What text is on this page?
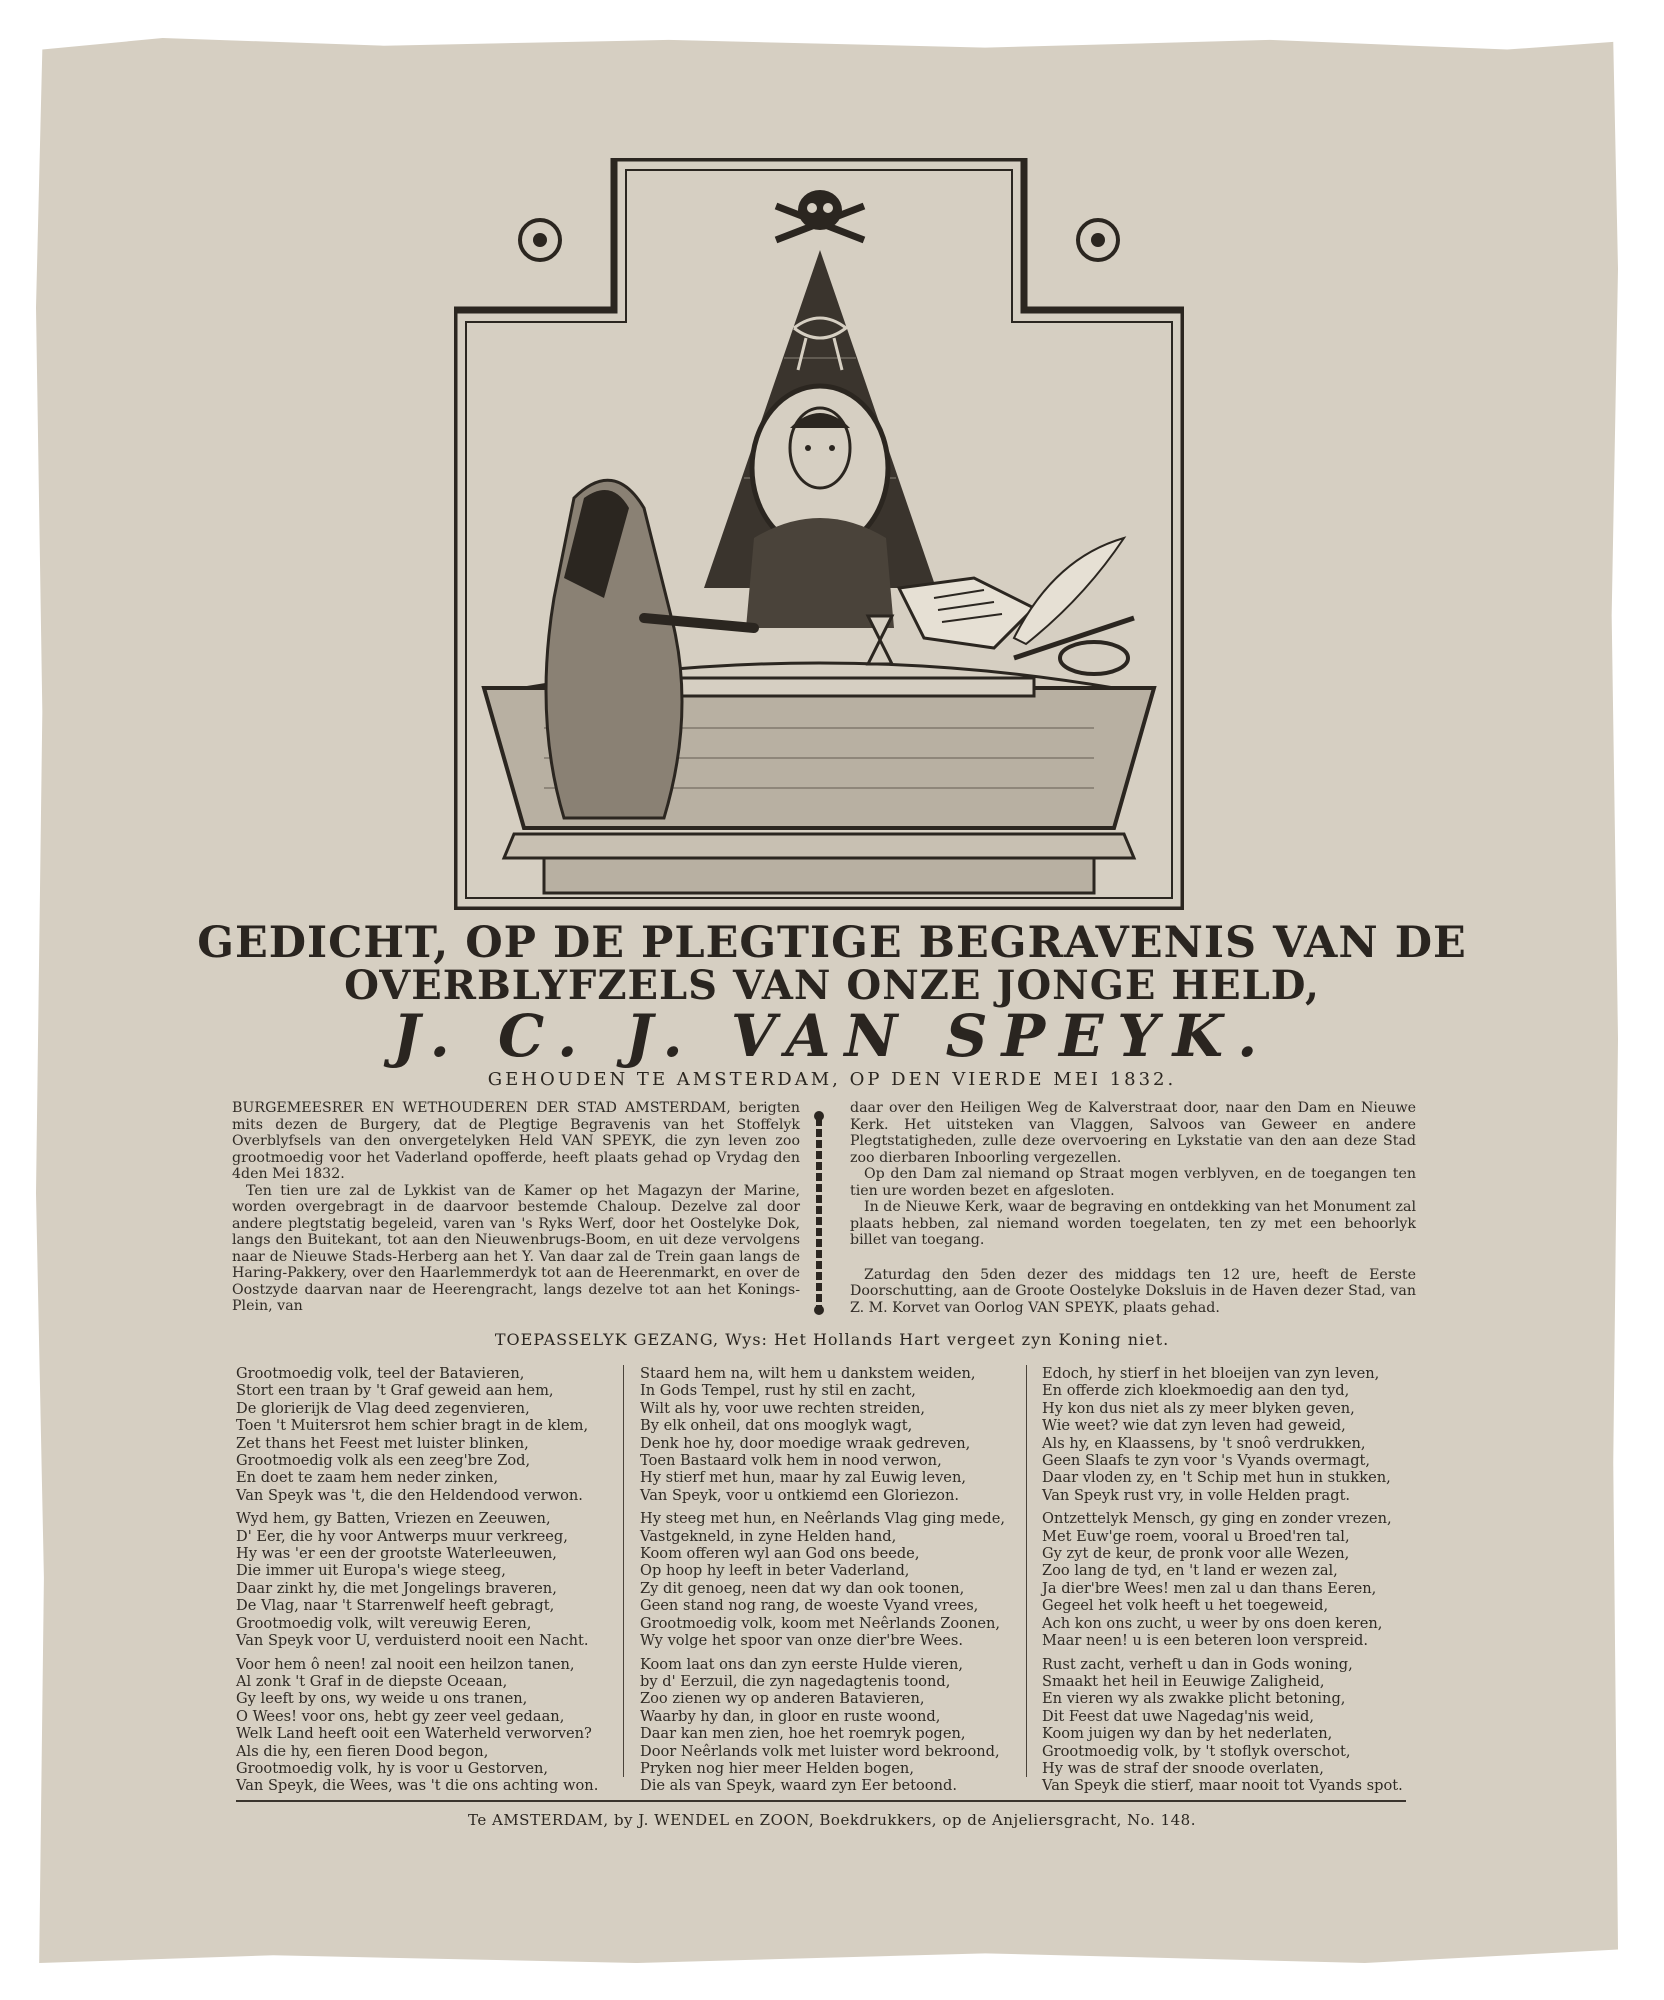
GEDICHT, OP DE PLEGTIGE BEGRAVENIS VAN DE
OVERBLYFZELS VAN ONZE JONGE HELD,
J. C. J. VAN SPEYK.
GEHOUDEN TE AMSTERDAM, OP DEN VIERDE MEI 1832.

BURGEMEESRER EN WETHOUDEREN DER STAD AMSTERDAM, berigten mits dezen de Burgery, dat de Plegtige Begravenis van het Stoffelyk Overblyfsels van den onvergetelyken Held VAN SPEYK, die zyn leven zoo grootmoedig voor het Vaderland opofferde, heeft plaats gehad op Vrydag den 4den Mei 1832.

Ten tien ure zal de Lykkist van de Kamer op het Magazyn der Marine, worden overgebragt in de daarvoor bestemde Chaloup. Dezelve zal door andere plegtstatig begeleid, varen van 's Ryks Werf, door het Oostelyke Dok, langs den Buitekant, tot aan den Nieuwenbrugs-Boom, en uit deze vervolgens naar de Nieuwe Stads-Herberg aan het Y. Van daar zal de Trein gaan langs de Haring-Pakkery, over den Haarlemmerdyk tot aan de Heerenmarkt, en over de Oostzyde daarvan naar de Heerengracht, langs dezelve tot aan het Konings-Plein, van

daar over den Heiligen Weg de Kalverstraat door, naar den Dam en Nieuwe Kerk. Het uitsteken van Vlaggen, Salvoos van Geweer en andere Plegtstatigheden, zulle deze overvoering en Lykstatie van den aan deze Stad zoo dierbaren Inboorling vergezellen.

Op den Dam zal niemand op Straat mogen verblyven, en de toegangen ten tien ure worden bezet en afgesloten.

In de Nieuwe Kerk, waar de begraving en ontdekking van het Monument zal plaats hebben, zal niemand worden toegelaten, ten zy met een behoorlyk billet van toegang.

Zaturdag den 5den dezer des middags ten 12 ure, heeft de Eerste Doorschutting, aan de Groote Oostelyke Doksluis in de Haven dezer Stad, van Z. M. Korvet van Oorlog VAN SPEYK, plaats gehad.

TOEPASSELYK GEZANG, Wys: Het Hollands Hart vergeet zyn Koning niet.
Grootmoedig volk, teel der Batavieren,
Stort een traan by 't Graf geweid aan hem,
De glorierijk de Vlag deed zegenvieren,
Toen 't Muitersrot hem schier bragt in de klem,
Zet thans het Feest met luister blinken,
Grootmoedig volk als een zeeg'bre Zod,
En doet te zaam hem neder zinken,
Van Speyk was 't, die den Heldendood verwon.
Wyd hem, gy Batten, Vriezen en Zeeuwen,
D' Eer, die hy voor Antwerps muur verkreeg,
Hy was 'er een der grootste Waterleeuwen,
Die immer uit Europa's wiege steeg,
Daar zinkt hy, die met Jongelings braveren,
De Vlag, naar 't Starrenwelf heeft gebragt,
Grootmoedig volk, wilt vereuwig Eeren,
Van Speyk voor U, verduisterd nooit een Nacht.
Voor hem ô neen! zal nooit een heilzon tanen,
Al zonk 't Graf in de diepste Oceaan,
Gy leeft by ons, wy weide u ons tranen,
O Wees! voor ons, hebt gy zeer veel gedaan,
Welk Land heeft ooit een Waterheld verworven?
Als die hy, een fieren Dood begon,
Grootmoedig volk, hy is voor u Gestorven,
Van Speyk, die Wees, was 't die ons achting won.
Staard hem na, wilt hem u dankstem weiden,
In Gods Tempel, rust hy stil en zacht,
Wilt als hy, voor uwe rechten streiden,
By elk onheil, dat ons mooglyk wagt,
Denk hoe hy, door moedige wraak gedreven,
Toen Bastaard volk hem in nood verwon,
Hy stierf met hun, maar hy zal Euwig leven,
Van Speyk, voor u ontkiemd een Gloriezon.
Hy steeg met hun, en Neêrlands Vlag ging mede,
Vastgekneld, in zyne Helden hand,
Koom offeren wyl aan God ons beede,
Op hoop hy leeft in beter Vaderland,
Zy dit genoeg, neen dat wy dan ook toonen,
Geen stand nog rang, de woeste Vyand vrees,
Grootmoedig volk, koom met Neêrlands Zoonen,
Wy volge het spoor van onze dier'bre Wees.
Koom laat ons dan zyn eerste Hulde vieren,
by d' Eerzuil, die zyn nagedagtenis toond,
Zoo zienen wy op anderen Batavieren,
Waarby hy dan, in gloor en ruste woond,
Daar kan men zien, hoe het roemryk pogen,
Door Neêrlands volk met luister word bekroond,
Pryken nog hier meer Helden bogen,
Die als van Speyk, waard zyn Eer betoond.
Edoch, hy stierf in het bloeijen van zyn leven,
En offerde zich kloekmoedig aan den tyd,
Hy kon dus niet als zy meer blyken geven,
Wie weet? wie dat zyn leven had geweid,
Als hy, en Klaassens, by 't snoô verdrukken,
Geen Slaafs te zyn voor 's Vyands overmagt,
Daar vloden zy, en 't Schip met hun in stukken,
Van Speyk rust vry, in volle Helden pragt.
Ontzettelyk Mensch, gy ging en zonder vrezen,
Met Euw'ge roem, vooral u Broed'ren tal,
Gy zyt de keur, de pronk voor alle Wezen,
Zoo lang de tyd, en 't land er wezen zal,
Ja dier'bre Wees! men zal u dan thans Eeren,
Gegeel het volk heeft u het toegeweid,
Ach kon ons zucht, u weer by ons doen keren,
Maar neen! u is een beteren loon verspreid.
Rust zacht, verheft u dan in Gods woning,
Smaakt het heil in Eeuwige Zaligheid,
En vieren wy als zwakke plicht betoning,
Dit Feest dat uwe Nagedag'nis weid,
Koom juigen wy dan by het nederlaten,
Grootmoedig volk, by 't stoflyk overschot,
Hy was de straf der snoode overlaten,
Van Speyk die stierf, maar nooit tot Vyands spot.
Te AMSTERDAM, by J. WENDEL en ZOON, Boekdrukkers, op de Anjeliersgracht, No. 148.
